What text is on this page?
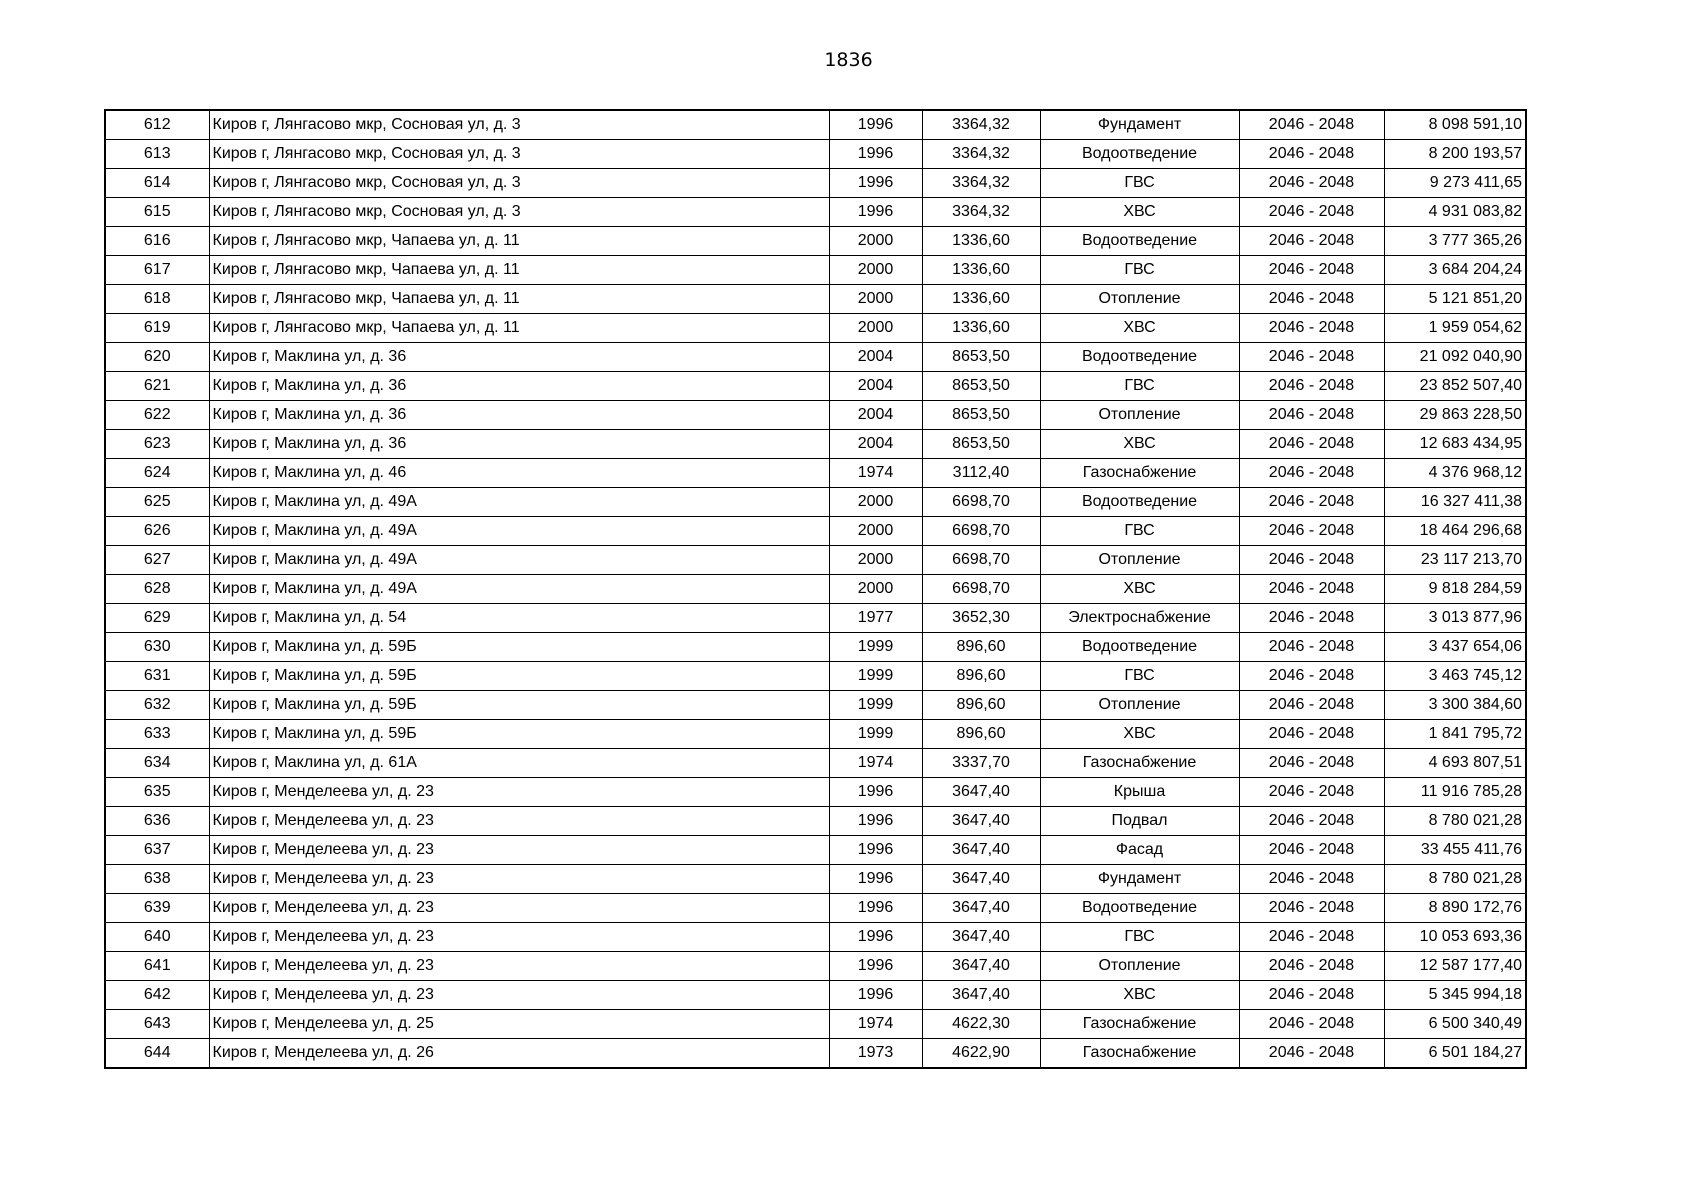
1836
612	Киров г, Лянгасово мкр, Сосновая ул, д. 3	1996	3364,32	Фундамент	2046 - 2048	8 098 591,10
613	Киров г, Лянгасово мкр, Сосновая ул, д. 3	1996	3364,32	Водоотведение	2046 - 2048	8 200 193,57
614	Киров г, Лянгасово мкр, Сосновая ул, д. 3	1996	3364,32	ГВС	2046 - 2048	9 273 411,65
615	Киров г, Лянгасово мкр, Сосновая ул, д. 3	1996	3364,32	ХВС	2046 - 2048	4 931 083,82
616	Киров г, Лянгасово мкр, Чапаева ул, д. 11	2000	1336,60	Водоотведение	2046 - 2048	3 777 365,26
617	Киров г, Лянгасово мкр, Чапаева ул, д. 11	2000	1336,60	ГВС	2046 - 2048	3 684 204,24
618	Киров г, Лянгасово мкр, Чапаева ул, д. 11	2000	1336,60	Отопление	2046 - 2048	5 121 851,20
619	Киров г, Лянгасово мкр, Чапаева ул, д. 11	2000	1336,60	ХВС	2046 - 2048	1 959 054,62
620	Киров г, Маклина ул, д. 36	2004	8653,50	Водоотведение	2046 - 2048	21 092 040,90
621	Киров г, Маклина ул, д. 36	2004	8653,50	ГВС	2046 - 2048	23 852 507,40
622	Киров г, Маклина ул, д. 36	2004	8653,50	Отопление	2046 - 2048	29 863 228,50
623	Киров г, Маклина ул, д. 36	2004	8653,50	ХВС	2046 - 2048	12 683 434,95
624	Киров г, Маклина ул, д. 46	1974	3112,40	Газоснабжение	2046 - 2048	4 376 968,12
625	Киров г, Маклина ул, д. 49А	2000	6698,70	Водоотведение	2046 - 2048	16 327 411,38
626	Киров г, Маклина ул, д. 49А	2000	6698,70	ГВС	2046 - 2048	18 464 296,68
627	Киров г, Маклина ул, д. 49А	2000	6698,70	Отопление	2046 - 2048	23 117 213,70
628	Киров г, Маклина ул, д. 49А	2000	6698,70	ХВС	2046 - 2048	9 818 284,59
629	Киров г, Маклина ул, д. 54	1977	3652,30	Электроснабжение	2046 - 2048	3 013 877,96
630	Киров г, Маклина ул, д. 59Б	1999	896,60	Водоотведение	2046 - 2048	3 437 654,06
631	Киров г, Маклина ул, д. 59Б	1999	896,60	ГВС	2046 - 2048	3 463 745,12
632	Киров г, Маклина ул, д. 59Б	1999	896,60	Отопление	2046 - 2048	3 300 384,60
633	Киров г, Маклина ул, д. 59Б	1999	896,60	ХВС	2046 - 2048	1 841 795,72
634	Киров г, Маклина ул, д. 61А	1974	3337,70	Газоснабжение	2046 - 2048	4 693 807,51
635	Киров г, Менделеева ул, д. 23	1996	3647,40	Крыша	2046 - 2048	11 916 785,28
636	Киров г, Менделеева ул, д. 23	1996	3647,40	Подвал	2046 - 2048	8 780 021,28
637	Киров г, Менделеева ул, д. 23	1996	3647,40	Фасад	2046 - 2048	33 455 411,76
638	Киров г, Менделеева ул, д. 23	1996	3647,40	Фундамент	2046 - 2048	8 780 021,28
639	Киров г, Менделеева ул, д. 23	1996	3647,40	Водоотведение	2046 - 2048	8 890 172,76
640	Киров г, Менделеева ул, д. 23	1996	3647,40	ГВС	2046 - 2048	10 053 693,36
641	Киров г, Менделеева ул, д. 23	1996	3647,40	Отопление	2046 - 2048	12 587 177,40
642	Киров г, Менделеева ул, д. 23	1996	3647,40	ХВС	2046 - 2048	5 345 994,18
643	Киров г, Менделеева ул, д. 25	1974	4622,30	Газоснабжение	2046 - 2048	6 500 340,49
644	Киров г, Менделеева ул, д. 26	1973	4622,90	Газоснабжение	2046 - 2048	6 501 184,27
